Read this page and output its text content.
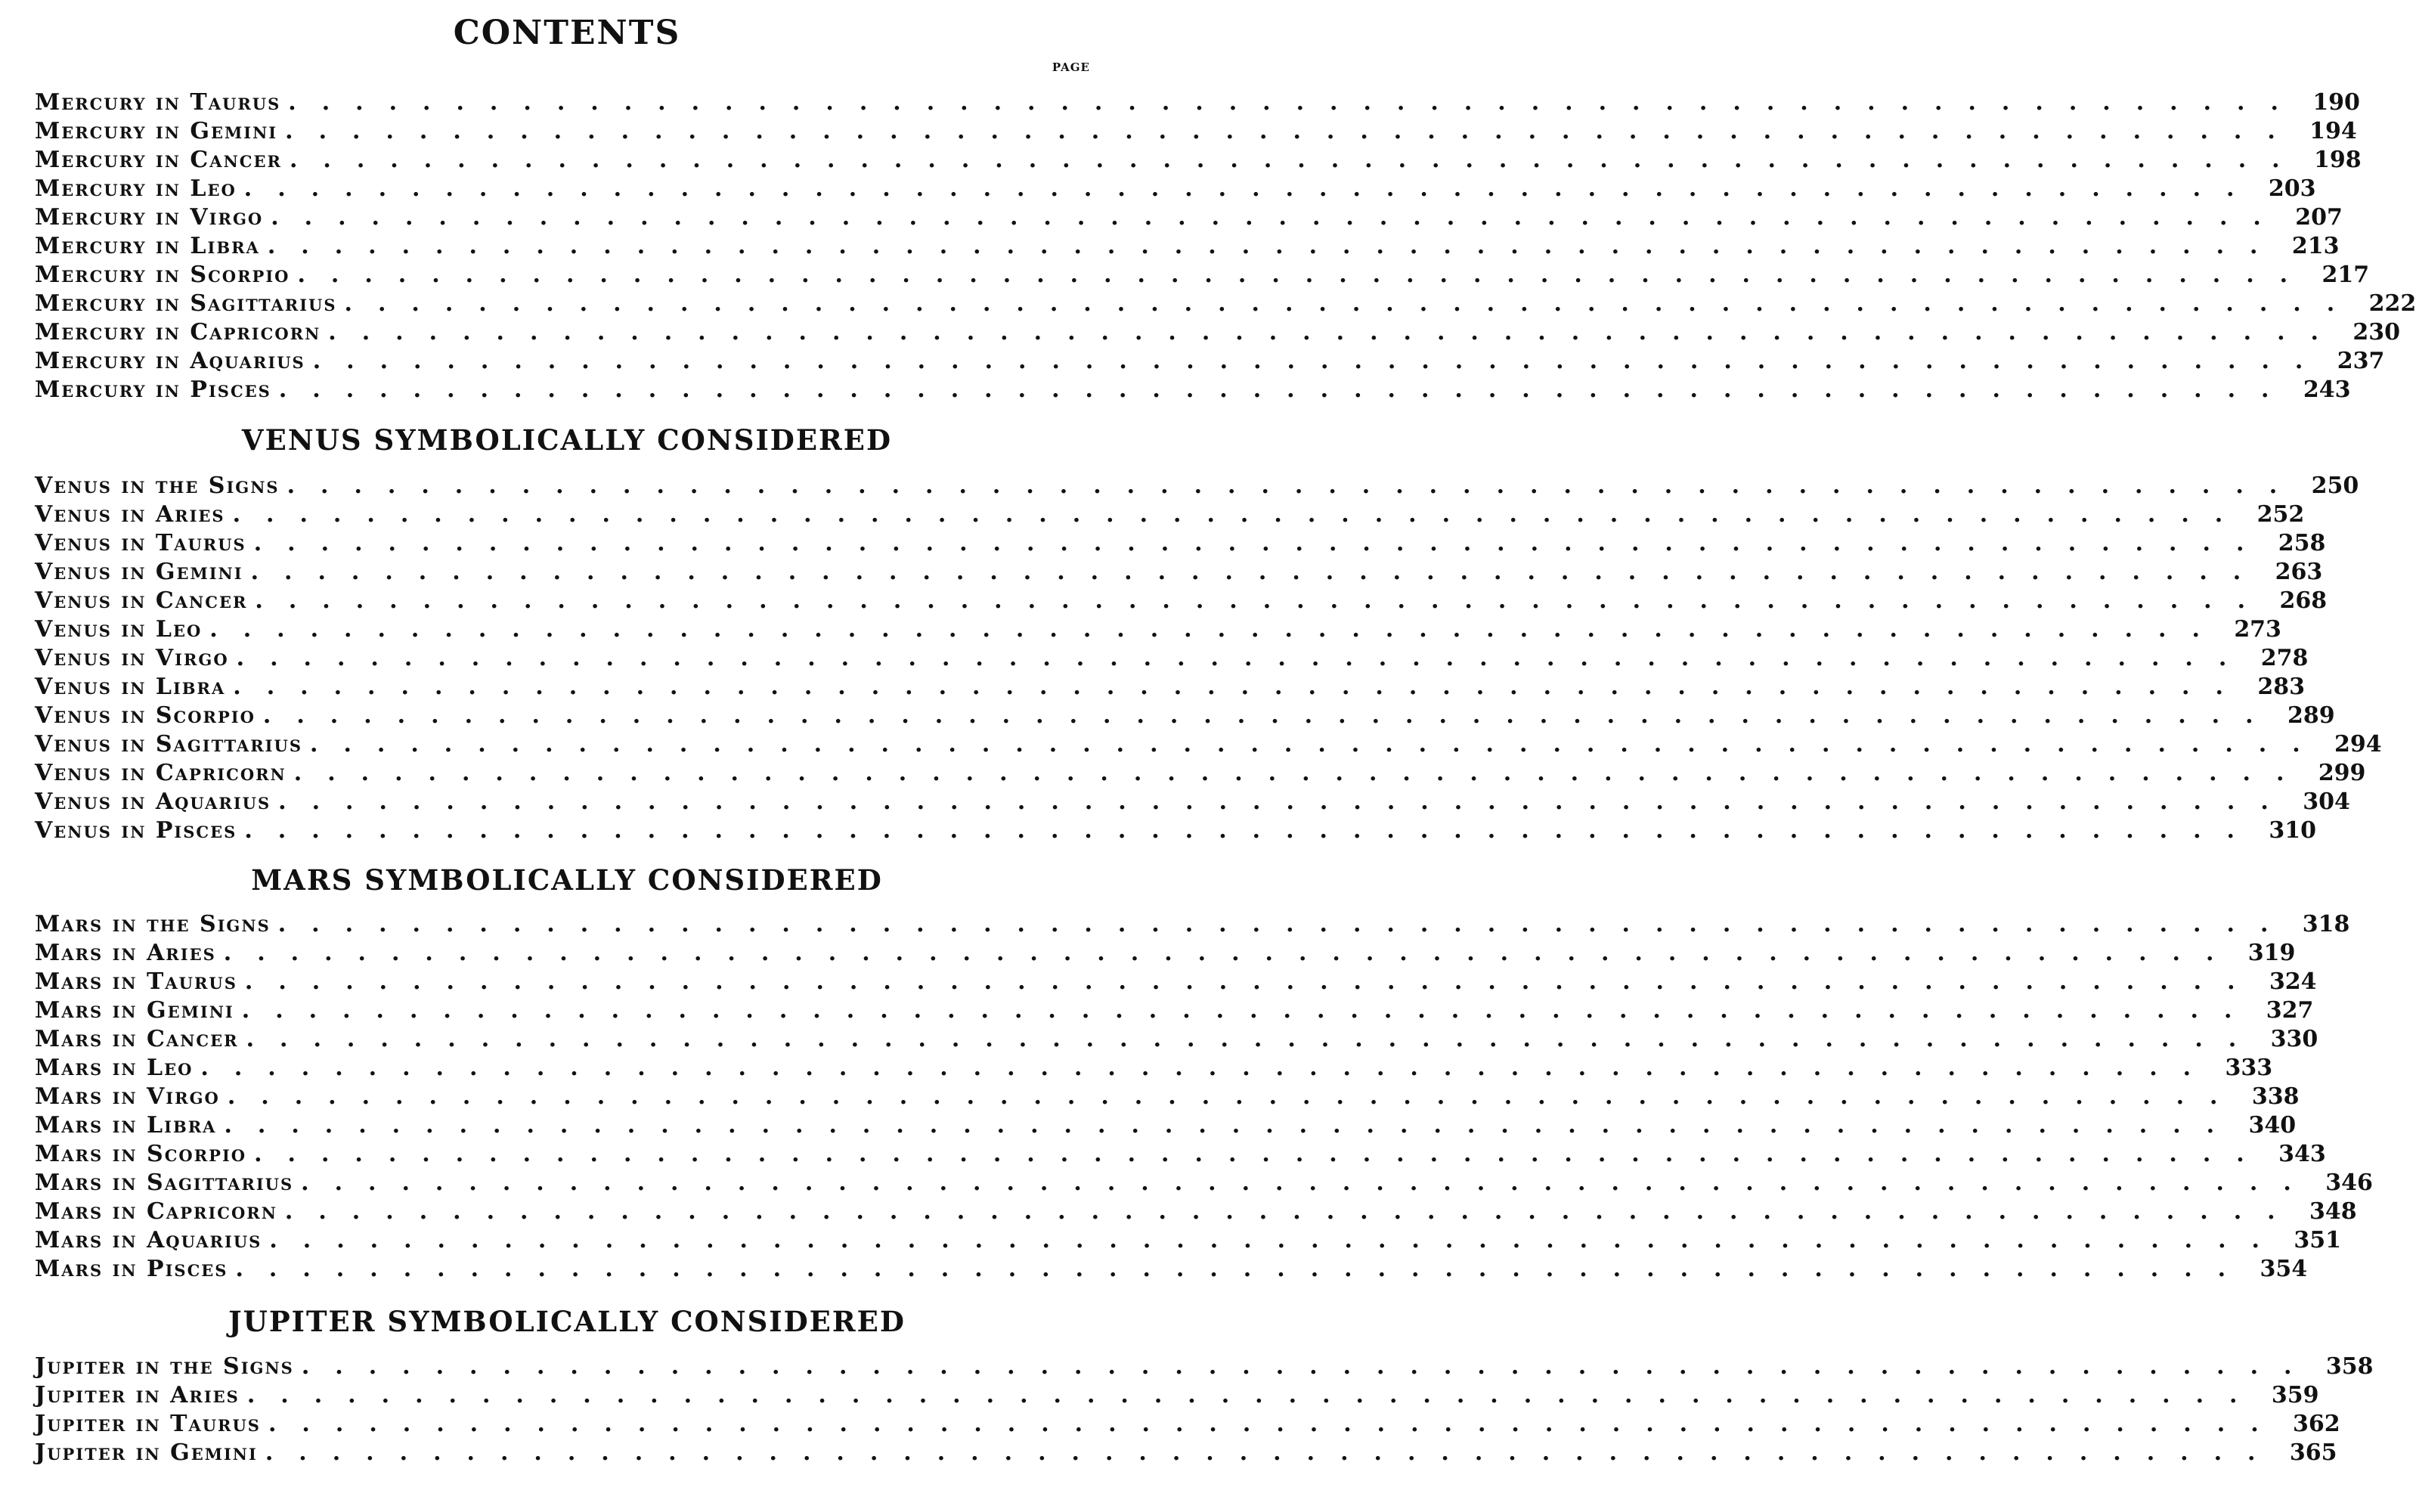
CONTENTS
PAGE
Mercury in Taurus ............................................................ 190
Mercury in Gemini ............................................................ 194
Mercury in Cancer ............................................................ 198
Mercury in Leo ............................................................ 203
Mercury in Virgo ............................................................ 207
Mercury in Libra ............................................................ 213
Mercury in Scorpio ............................................................ 217
Mercury in Sagittarius ............................................................ 222
Mercury in Capricorn ............................................................ 230
Mercury in Aquarius ............................................................ 237
Mercury in Pisces ............................................................ 243
VENUS SYMBOLICALLY CONSIDERED
Venus in the Signs ............................................................ 250
Venus in Aries ............................................................ 252
Venus in Taurus ............................................................ 258
Venus in Gemini ............................................................ 263
Venus in Cancer ............................................................ 268
Venus in Leo ............................................................ 273
Venus in Virgo ............................................................ 278
Venus in Libra ............................................................ 283
Venus in Scorpio ............................................................ 289
Venus in Sagittarius ............................................................ 294
Venus in Capricorn ............................................................ 299
Venus in Aquarius ............................................................ 304
Venus in Pisces ............................................................ 310
MARS SYMBOLICALLY CONSIDERED
Mars in the Signs ............................................................ 318
Mars in Aries ............................................................ 319
Mars in Taurus ............................................................ 324
Mars in Gemini ............................................................ 327
Mars in Cancer ............................................................ 330
Mars in Leo ............................................................ 333
Mars in Virgo ............................................................ 338
Mars in Libra ............................................................ 340
Mars in Scorpio ............................................................ 343
Mars in Sagittarius ............................................................ 346
Mars in Capricorn ............................................................ 348
Mars in Aquarius ............................................................ 351
Mars in Pisces ............................................................ 354
JUPITER SYMBOLICALLY CONSIDERED
Jupiter in the Signs ............................................................ 358
Jupiter in Aries ............................................................ 359
Jupiter in Taurus ............................................................ 362
Jupiter in Gemini ............................................................ 365
